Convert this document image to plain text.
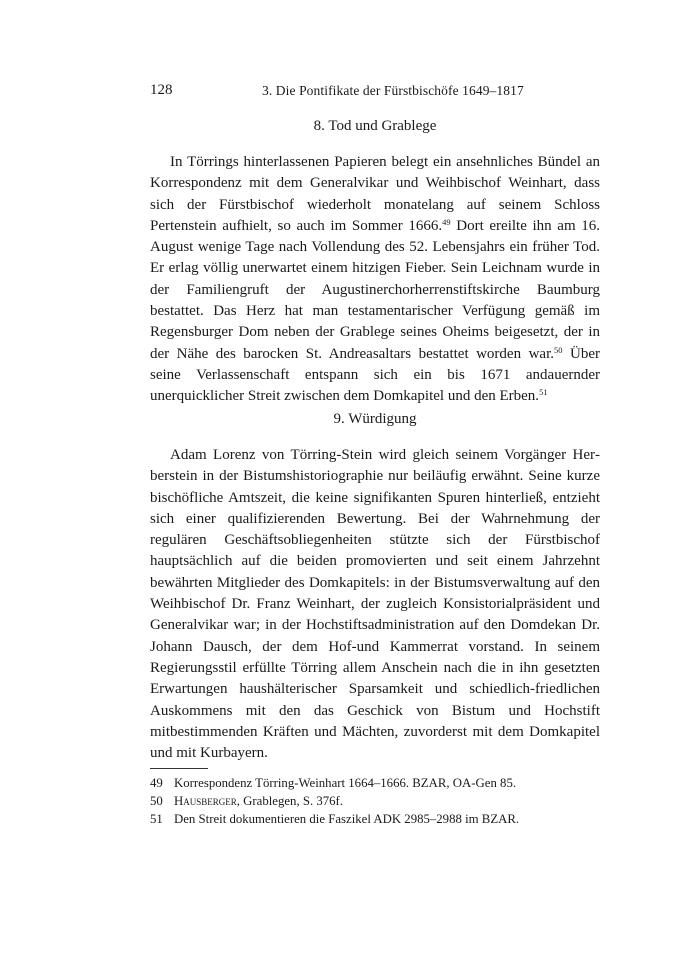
128	3. Die Pontifikate der Fürstbischöfe 1649–1817
8. Tod und Grablege

In Törrings hinterlassenen Papieren belegt ein ansehnliches Bündel an Korrespondenz mit dem Generalvikar und Weihbischof Weinhart, dass sich der Fürstbischof wiederholt monatelang auf seinem Schloss Pertenstein aufhielt, so auch im Sommer 1666.49 Dort ereilte ihn am 16. August wenige Tage nach Vollendung des 52. Lebensjahrs ein früher Tod. Er erlag völlig unerwartet einem hitzigen Fieber. Sein Leichnam wurde in der Familiengruft der Augustinerchorherrenstiftskirche Baumburg bestattet. Das Herz hat man testamentarischer Verfügung gemäß im Regensburger Dom neben der Grablege seines Oheims beigesetzt, der in der Nähe des barocken St. Andreasaltars bestattet worden war.$^{50}$ Über seine Verlassenschaft entspann sich ein bis 1671 andauernder unerquicklicher Streit zwischen dem Domkapitel und den Erben.$^{51}$

9. Würdigung

Adam Lorenz von Törring-Stein wird gleich seinem Vorgänger Herberstein in der Bistumshistoriographie nur beiläufig erwähnt. Seine kurze bischöfliche Amtszeit, die keine signifikanten Spuren hinterließ, entzieht sich einer qualifizierenden Bewertung. Bei der Wahrnehmung der regulären Geschäftsobliegenheiten stützte sich der Fürstbischof hauptsächlich auf die beiden promovierten und seit einem Jahrzehnt bewährten Mitglieder des Domkapitels: in der Bistumsverwaltung auf den Weihbischof Dr. Franz Weinhart, der zugleich Konsistorialpräsident und Generalvikar war; in der Hochstiftsadministration auf den Domdekan Dr. Johann Dausch, der dem Hof-und Kammerrat vorstand. In seinem Regierungsstil erfüllte Törring allem Anschein nach die in ihn gesetzten Erwartungen haushälterischer Sparsamkeit und schiedlich-friedlichen Auskommens mit den das Geschick von Bistum und Hochstift mitbestimmenden Kräften und Mächten, zuvorderst mit dem Domkapitel und mit Kurbayern.

49 Korrespondenz Törring-Weinhart 1664–1666. BZAR, OA-Gen 85.
50 Hausberger, Grablegen, S. 376f.
51 Den Streit dokumentieren die Faszikel ADK 2985–2988 im BZAR.
